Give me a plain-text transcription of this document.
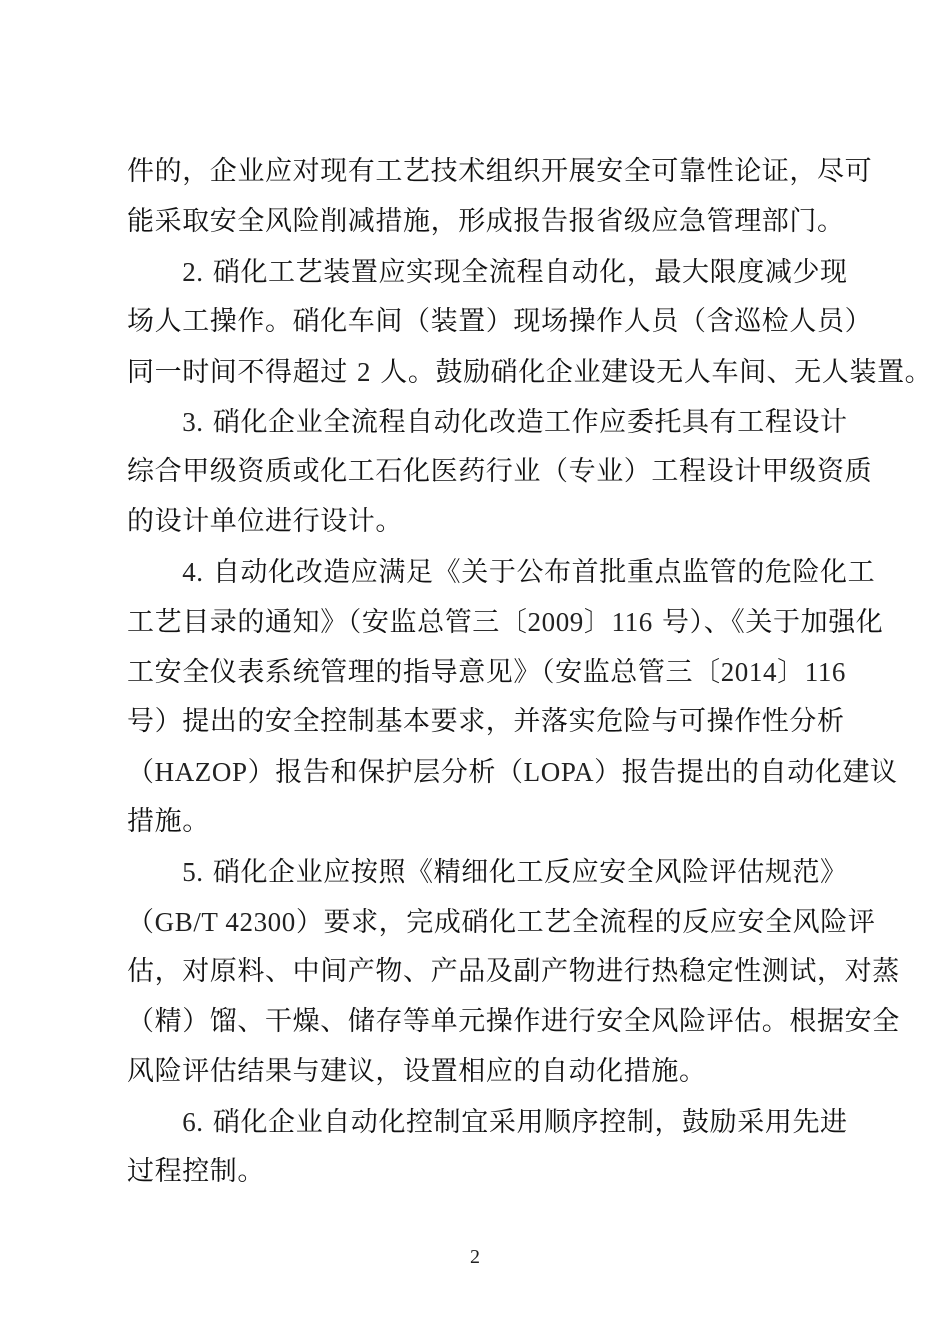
件的，企业应对现有工艺技术组织开展安全可靠性论证，尽可
能采取安全风险削减措施，形成报告报省级应急管理部门。
　　2. 硝化工艺装置应实现全流程自动化，最大限度减少现
场人工操作。硝化车间（装置）现场操作人员（含巡检人员）
同一时间不得超过 2 人。鼓励硝化企业建设无人车间、无人装置。
　　3. 硝化企业全流程自动化改造工作应委托具有工程设计
综合甲级资质或化工石化医药行业（专业）工程设计甲级资质
的设计单位进行设计。
　　4. 自动化改造应满足《关于公布首批重点监管的危险化工
工艺目录的通知》（安监总管三〔2009〕116 号）、《关于加强化
工安全仪表系统管理的指导意见》（安监总管三〔2014〕116
号）提出的安全控制基本要求，并落实危险与可操作性分析
（HAZOP）报告和保护层分析（LOPA）报告提出的自动化建议
措施。
　　5. 硝化企业应按照《精细化工反应安全风险评估规范》
（GB/T 42300）要求，完成硝化工艺全流程的反应安全风险评
估，对原料、中间产物、产品及副产物进行热稳定性测试，对蒸
（精）馏、干燥、储存等单元操作进行安全风险评估。根据安全
风险评估结果与建议，设置相应的自动化措施。
　　6. 硝化企业自动化控制宜采用顺序控制，鼓励采用先进
过程控制。
2
